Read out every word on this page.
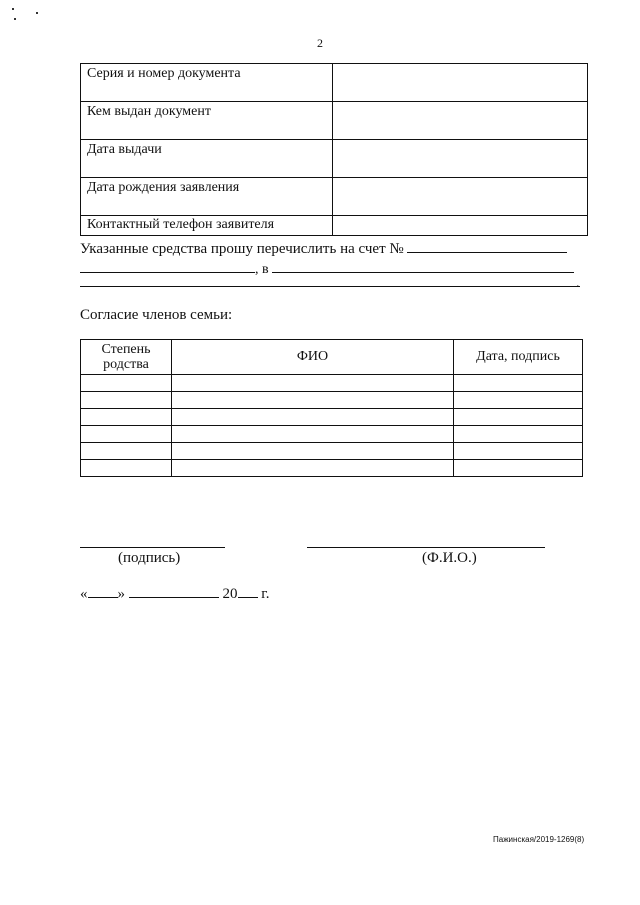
2
Серия и номер документа	
Кем выдан документ	
Дата выдачи	
Дата рождения заявления	
Контактный телефон заявителя	
Указанные средства прошу перечислить на счет №
, в
.
Согласие членов семьи:
Степень родства	ФИО	Дата, подпись

(подпись)	(Ф.И.О.)
« »	20 г.
Пажинская/2019-1269(8)
